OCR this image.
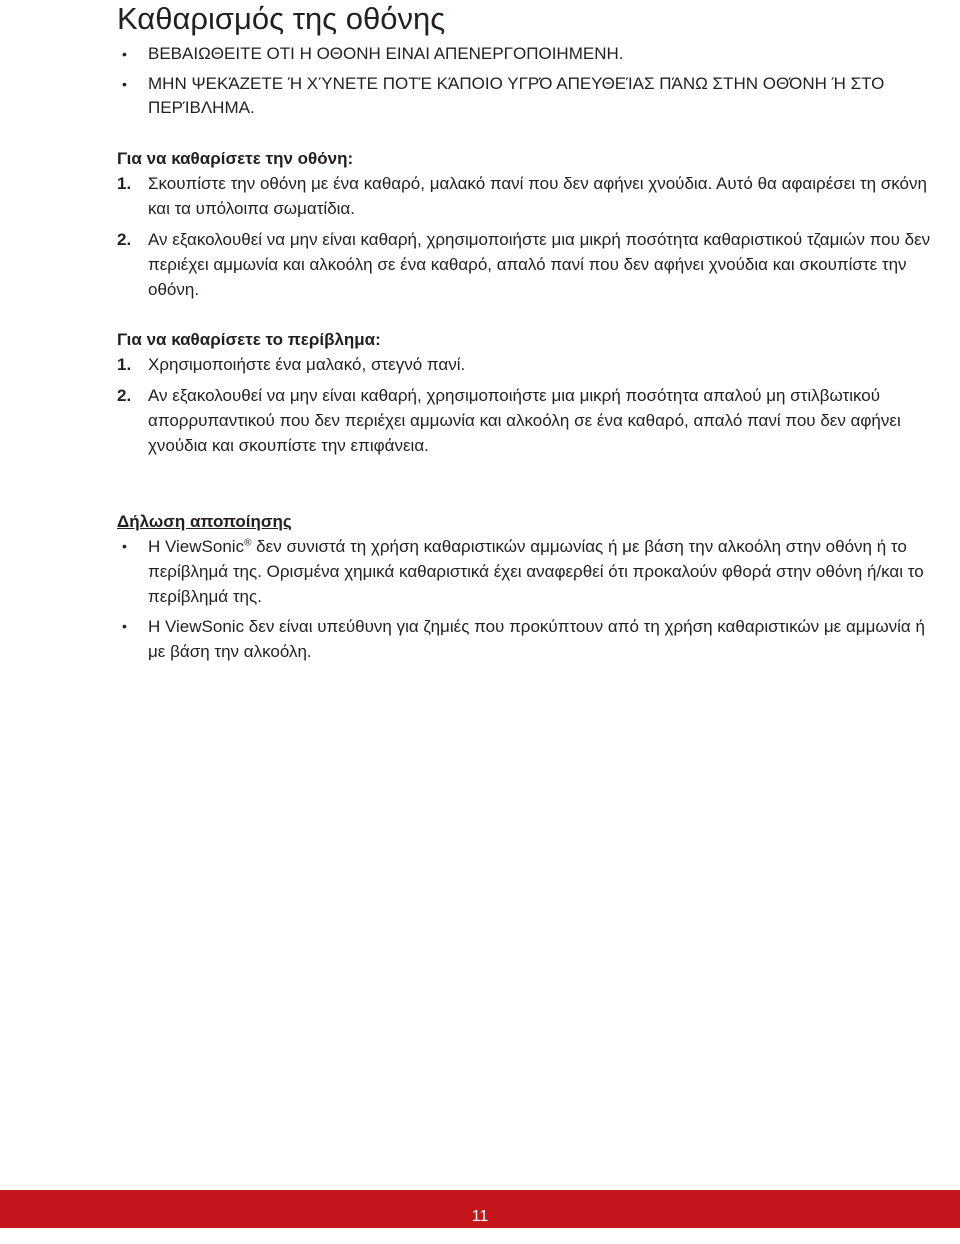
Καθαρισμός της οθόνης
• ΒΕΒΑΙΩΘΕΙΤΕ ΟΤΙ Η ΟΘΟΝΗ ΕΙΝΑΙ ΑΠΕΝΕΡΓΟΠΟΙΗΜΕΝΗ.
• ΜΗΝ ΨΕΚΆΖΕΤΕ Ή ΧΎΝΕΤΕ ΠΟΤΈ ΚΆΠΟΙΟ ΥΓΡΌ ΑΠΕΥΘΕΊΑΣ ΠΆΝΩ ΣΤΗΝ ΟΘΌΝΗ Ή ΣΤΟ ΠΕΡΊΒΛΗΜΑ.
Για να καθαρίσετε την οθόνη:
1. Σκουπίστε την οθόνη με ένα καθαρό, μαλακό πανί που δεν αφήνει χνούδια. Αυτό θα αφαιρέσει τη σκόνη και τα υπόλοιπα σωματίδια.
2. Αν εξακολουθεί να μην είναι καθαρή, χρησιμοποιήστε μια μικρή ποσότητα καθαριστικού τζαμιών που δεν περιέχει αμμωνία και αλκοόλη σε ένα καθαρό, απαλό πανί που δεν αφήνει χνούδια και σκουπίστε την οθόνη.
Για να καθαρίσετε το περίβλημα:
1. Χρησιμοποιήστε ένα μαλακό, στεγνό πανί.
2. Αν εξακολουθεί να μην είναι καθαρή, χρησιμοποιήστε μια μικρή ποσότητα απαλού μη στιλβωτικού απορρυπαντικού που δεν περιέχει αμμωνία και αλκοόλη σε ένα καθαρό, απαλό πανί που δεν αφήνει χνούδια και σκουπίστε την επιφάνεια.
Δήλωση αποποίησης
• Η ViewSonic® δεν συνιστά τη χρήση καθαριστικών αμμωνίας ή με βάση την αλκοόλη στην οθόνη ή το περίβλημά της. Ορισμένα χημικά καθαριστικά έχει αναφερθεί ότι προκαλούν φθορά στην οθόνη ή/και το περίβλημά της.
• Η ViewSonic δεν είναι υπεύθυνη για ζημιές που προκύπτουν από τη χρήση καθαριστικών με αμμωνία ή με βάση την αλκοόλη.
11
